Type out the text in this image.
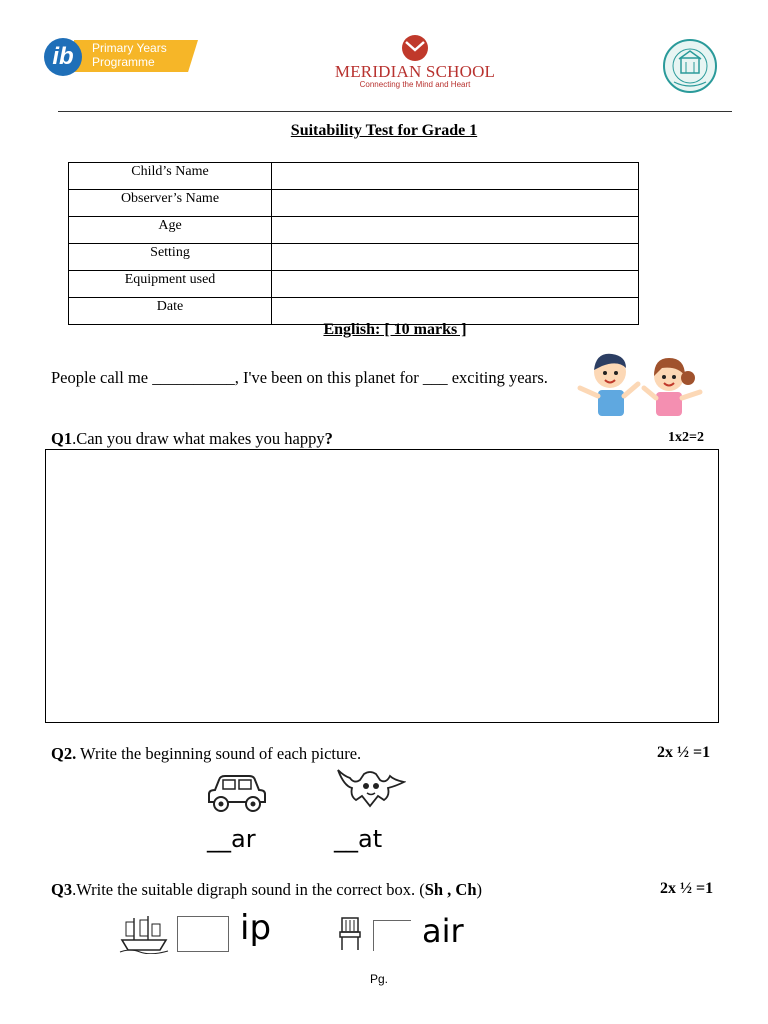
ib	Primary Years Programme	MERIDIAN SCHOOL
Connecting the Mind and Heart
Suitability Test for Grade 1
Child’s Name	
Observer’s Name	
Age	
Setting	
Equipment used	
Date	
English: [ 10 marks ]
People call me __________, I've been on this planet for ___ exciting years.
Q1.Can you draw what makes you happy?	1x2=2
Q2. Write the beginning sound of each picture.	2x ½ =1
__ar	__at
Q3.Write the suitable digraph sound in the correct box. (Sh , Ch)	2x ½ =1
ip	air
Pg.
